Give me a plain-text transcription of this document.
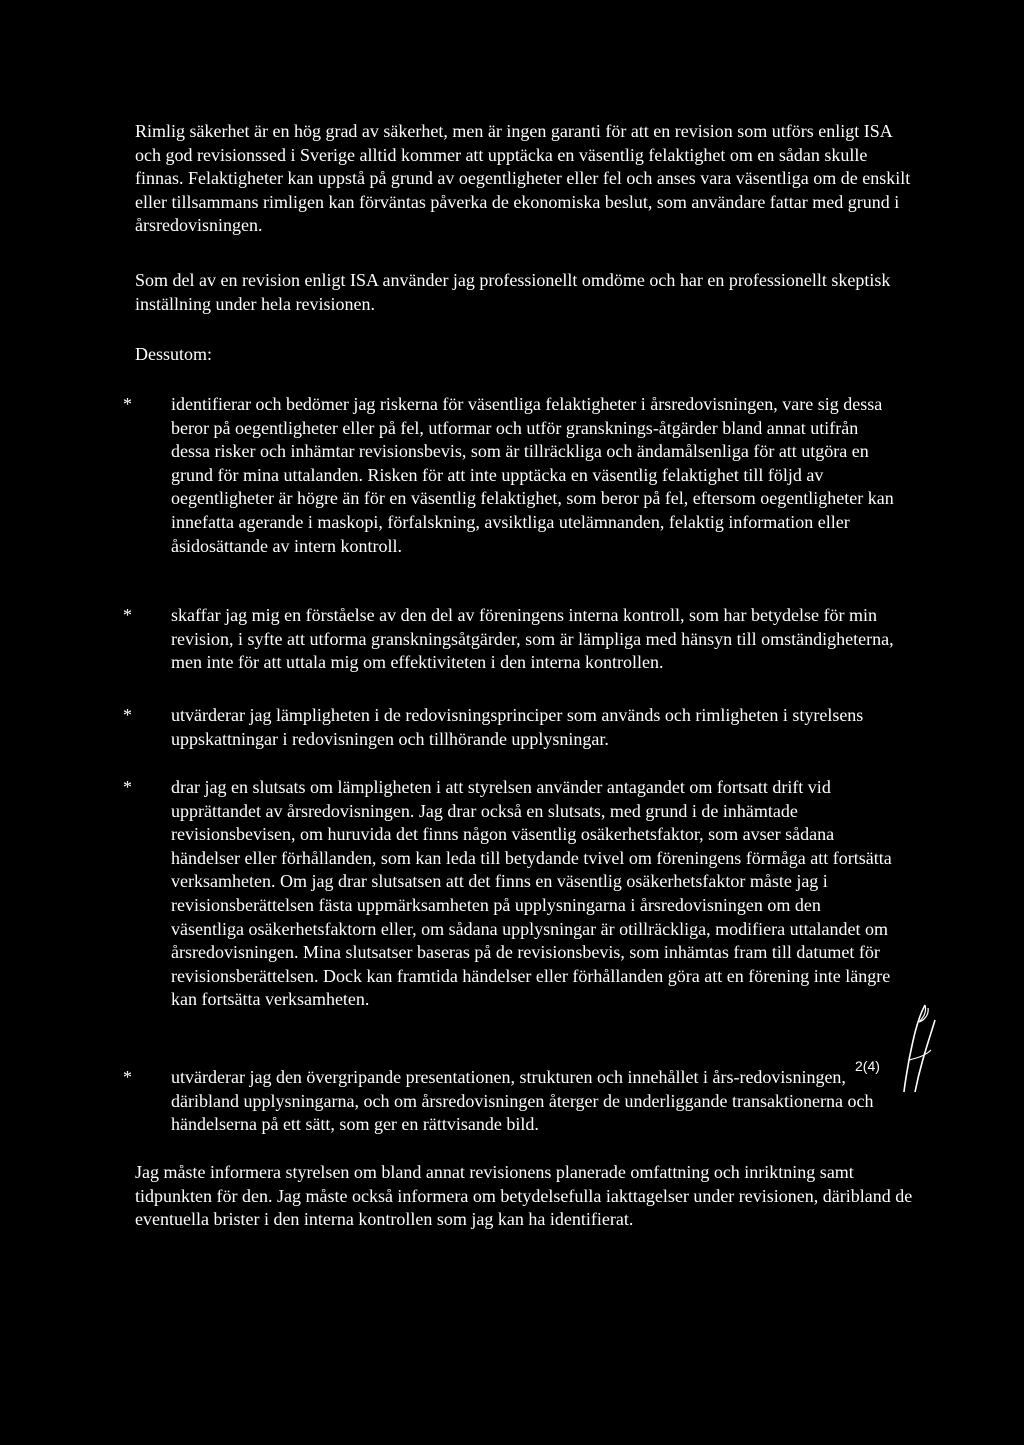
Rimlig säkerhet är en hög grad av säkerhet, men är ingen garanti för att en revision som utförs enligt ISA och god revisionssed i Sverige alltid kommer att upptäcka en väsentlig felaktighet om en sådan skulle finnas. Felaktigheter kan uppstå på grund av oegentligheter eller fel och anses vara väsentliga om de enskilt eller tillsammans rimligen kan förväntas påverka de ekonomiska beslut, som användare fattar med grund i årsredovisningen.

Som del av en revision enligt ISA använder jag professionellt omdöme och har en professionellt skeptisk inställning under hela revisionen.

Dessutom:

* identifierar och bedömer jag riskerna för väsentliga felaktigheter i årsredovisningen, vare sig dessa beror på oegentligheter eller på fel, utformar och utför gransknings-åtgärder bland annat utifrån dessa risker och inhämtar revisionsbevis, som är tillräckliga och ändamålsenliga för att utgöra en grund för mina uttalanden. Risken för att inte upptäcka en väsentlig felaktighet till följd av oegentligheter är högre än för en väsentlig felaktighet, som beror på fel, eftersom oegentligheter kan innefatta agerande i maskopi, förfalskning, avsiktliga utelämnanden, felaktig information eller åsidosättande av intern kontroll.

* skaffar jag mig en förståelse av den del av föreningens interna kontroll, som har betydelse för min revision, i syfte att utforma granskningsåtgärder, som är lämpliga med hänsyn till omständigheterna, men inte för att uttala mig om effektiviteten i den interna kontrollen.

* utvärderar jag lämpligheten i de redovisningsprinciper som används och rimligheten i styrelsens uppskattningar i redovisningen och tillhörande upplysningar.

* drar jag en slutsats om lämpligheten i att styrelsen använder antagandet om fortsatt drift vid upprättandet av årsredovisningen. Jag drar också en slutsats, med grund i de inhämtade revisionsbevisen, om huruvida det finns någon väsentlig osäkerhetsfaktor, som avser sådana händelser eller förhållanden, som kan leda till betydande tvivel om föreningens förmåga att fortsätta verksamheten. Om jag drar slutsatsen att det finns en väsentlig osäkerhetsfaktor måste jag i revisionsberättelsen fästa uppmärksamheten på upplysningarna i årsredovisningen om den väsentliga osäkerhetsfaktorn eller, om sådana upplysningar är otillräckliga, modifiera uttalandet om årsredovisningen. Mina slutsatser baseras på de revisionsbevis, som inhämtas fram till datumet för revisionsberättelsen. Dock kan framtida händelser eller förhållanden göra att en förening inte längre kan fortsätta verksamheten.

* utvärderar jag den övergripande presentationen, strukturen och innehållet i års-redovisningen, däribland upplysningarna, och om årsredovisningen återger de underliggande transaktionerna och händelserna på ett sätt, som ger en rättvisande bild.

Jag måste informera styrelsen om bland annat revisionens planerade omfattning och inriktning samt tidpunkten för den. Jag måste också informera om betydelsefulla iakttagelser under revisionen, däribland de eventuella brister i den interna kontrollen som jag kan ha identifierat.

2(4)
